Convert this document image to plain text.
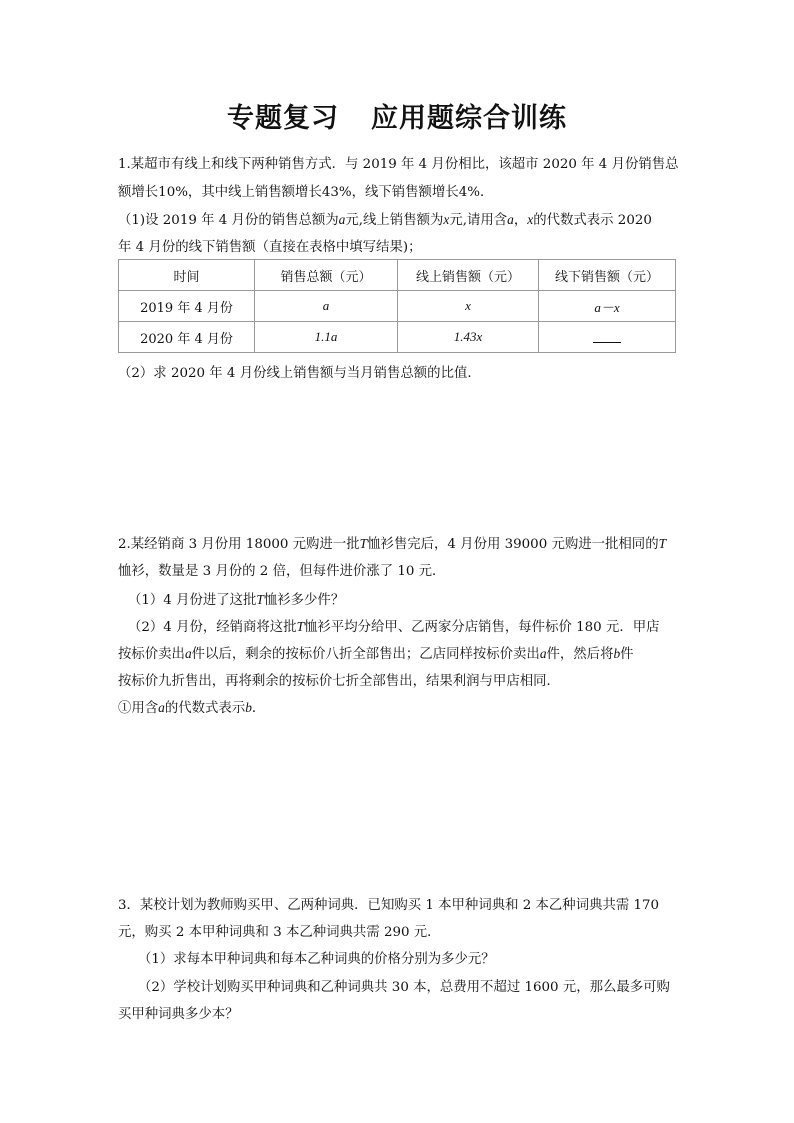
专题复习 应用题综合训练
1.某超市有线上和线下两种销售方式．与 2019 年 4 月份相比，该超市 2020 年 4 月份销售总
额增长10%，其中线上销售额增长43%，线下销售额增长4%．
（1)设 2019 年 4 月份的销售总额为a元,线上销售额为x元,请用含a，x的代数式表示 2020
年 4 月份的线下销售额（直接在表格中填写结果)；
时间	销售总额（元）	线上销售额（元）	线下销售额（元）
2019 年 4 月份	a	x	a－x
2020 年 4 月份	1.1a	1.43x	
（2）求 2020 年 4 月份线上销售额与当月销售总额的比值．
2.某经销商 3 月份用 18000 元购进一批T恤衫售完后，4 月份用 39000 元购进一批相同的T
恤衫，数量是 3 月份的 2 倍，但每件进价涨了 10 元．
（1）4 月份进了这批T恤衫多少件？
（2）4 月份，经销商将这批T恤衫平均分给甲、乙两家分店销售，每件标价 180 元．甲店
按标价卖出a件以后，剩余的按标价八折全部售出；乙店同样按标价卖出a件，然后将b件
按标价九折售出，再将剩余的按标价七折全部售出，结果利润与甲店相同．
①用含a的代数式表示b．
3．某校计划为教师购买甲、乙两种词典．已知购买 1 本甲种词典和 2 本乙种词典共需 170
元，购买 2 本甲种词典和 3 本乙种词典共需 290 元．
（1）求每本甲种词典和每本乙种词典的价格分别为多少元？
（2）学校计划购买甲种词典和乙种词典共 30 本，总费用不超过 1600 元，那么最多可购
买甲种词典多少本？
